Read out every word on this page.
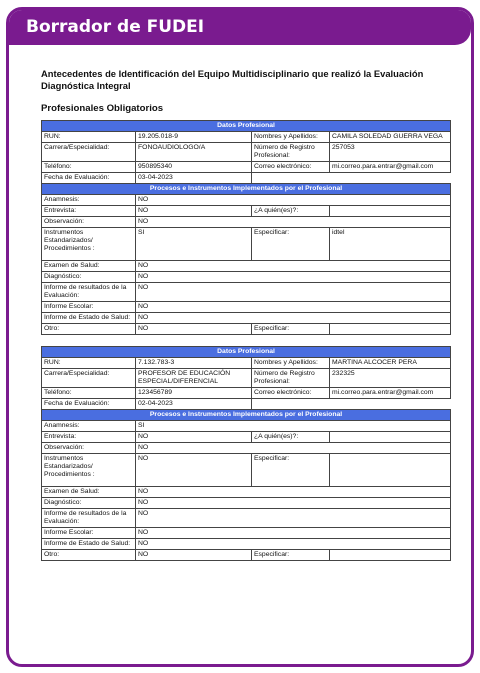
Borrador de FUDEI
Antecedentes de Identificación del Equipo Multidisciplinario que realizó la Evaluación Diagnóstica Integral
Profesionales Obligatorios
Datos Profesional			
RUN:	19.205.018-9	Nombres y Apellidos:	CAMILA SOLEDAD GUERRA VEGA
Carrera/Especialidad:	FONOAUDIOLOGO/A	Número de Registro Profesional:	257053
Teléfono:	950895340	Correo electrónico:	mi.correo.para.entrar@gmail.com
Fecha de Evaluación:	03-04-2023		
Procesos e Instrumentos Implementados por el Profesional			
Anamnesis:	NO		
Entrevista:	NO	¿A quién(es)?:	
Observación:	NO		
Instrumentos Estandarizados/ Procedimientos :	SI	Especificar:	idtel
Examen de Salud:	NO		
Diagnóstico:	NO		
Informe de resultados de la Evaluación:	NO		
Informe Escolar:	NO		
Informe de Estado de Salud:	NO		
Otro:	NO	Especificar:	
Datos Profesional			
RUN:	7.132.783-3	Nombres y Apellidos:	MARTINA ALCOCER PERA
Carrera/Especialidad:	PROFESOR DE EDUCACIÓN ESPECIAL/DIFERENCIAL	Número de Registro Profesional:	232325
Teléfono:	123456789	Correo electrónico:	mi.correo.para.entrar@gmail.com
Fecha de Evaluación:	02-04-2023		
Procesos e Instrumentos Implementados por el Profesional			
Anamnesis:	SI		
Entrevista:	NO	¿A quién(es)?:	
Observación:	NO		
Instrumentos Estandarizados/ Procedimientos :	NO	Especificar:	
Examen de Salud:	NO		
Diagnóstico:	NO		
Informe de resultados de la Evaluación:	NO		
Informe Escolar:	NO		
Informe de Estado de Salud:	NO		
Otro:	NO	Especificar:	
